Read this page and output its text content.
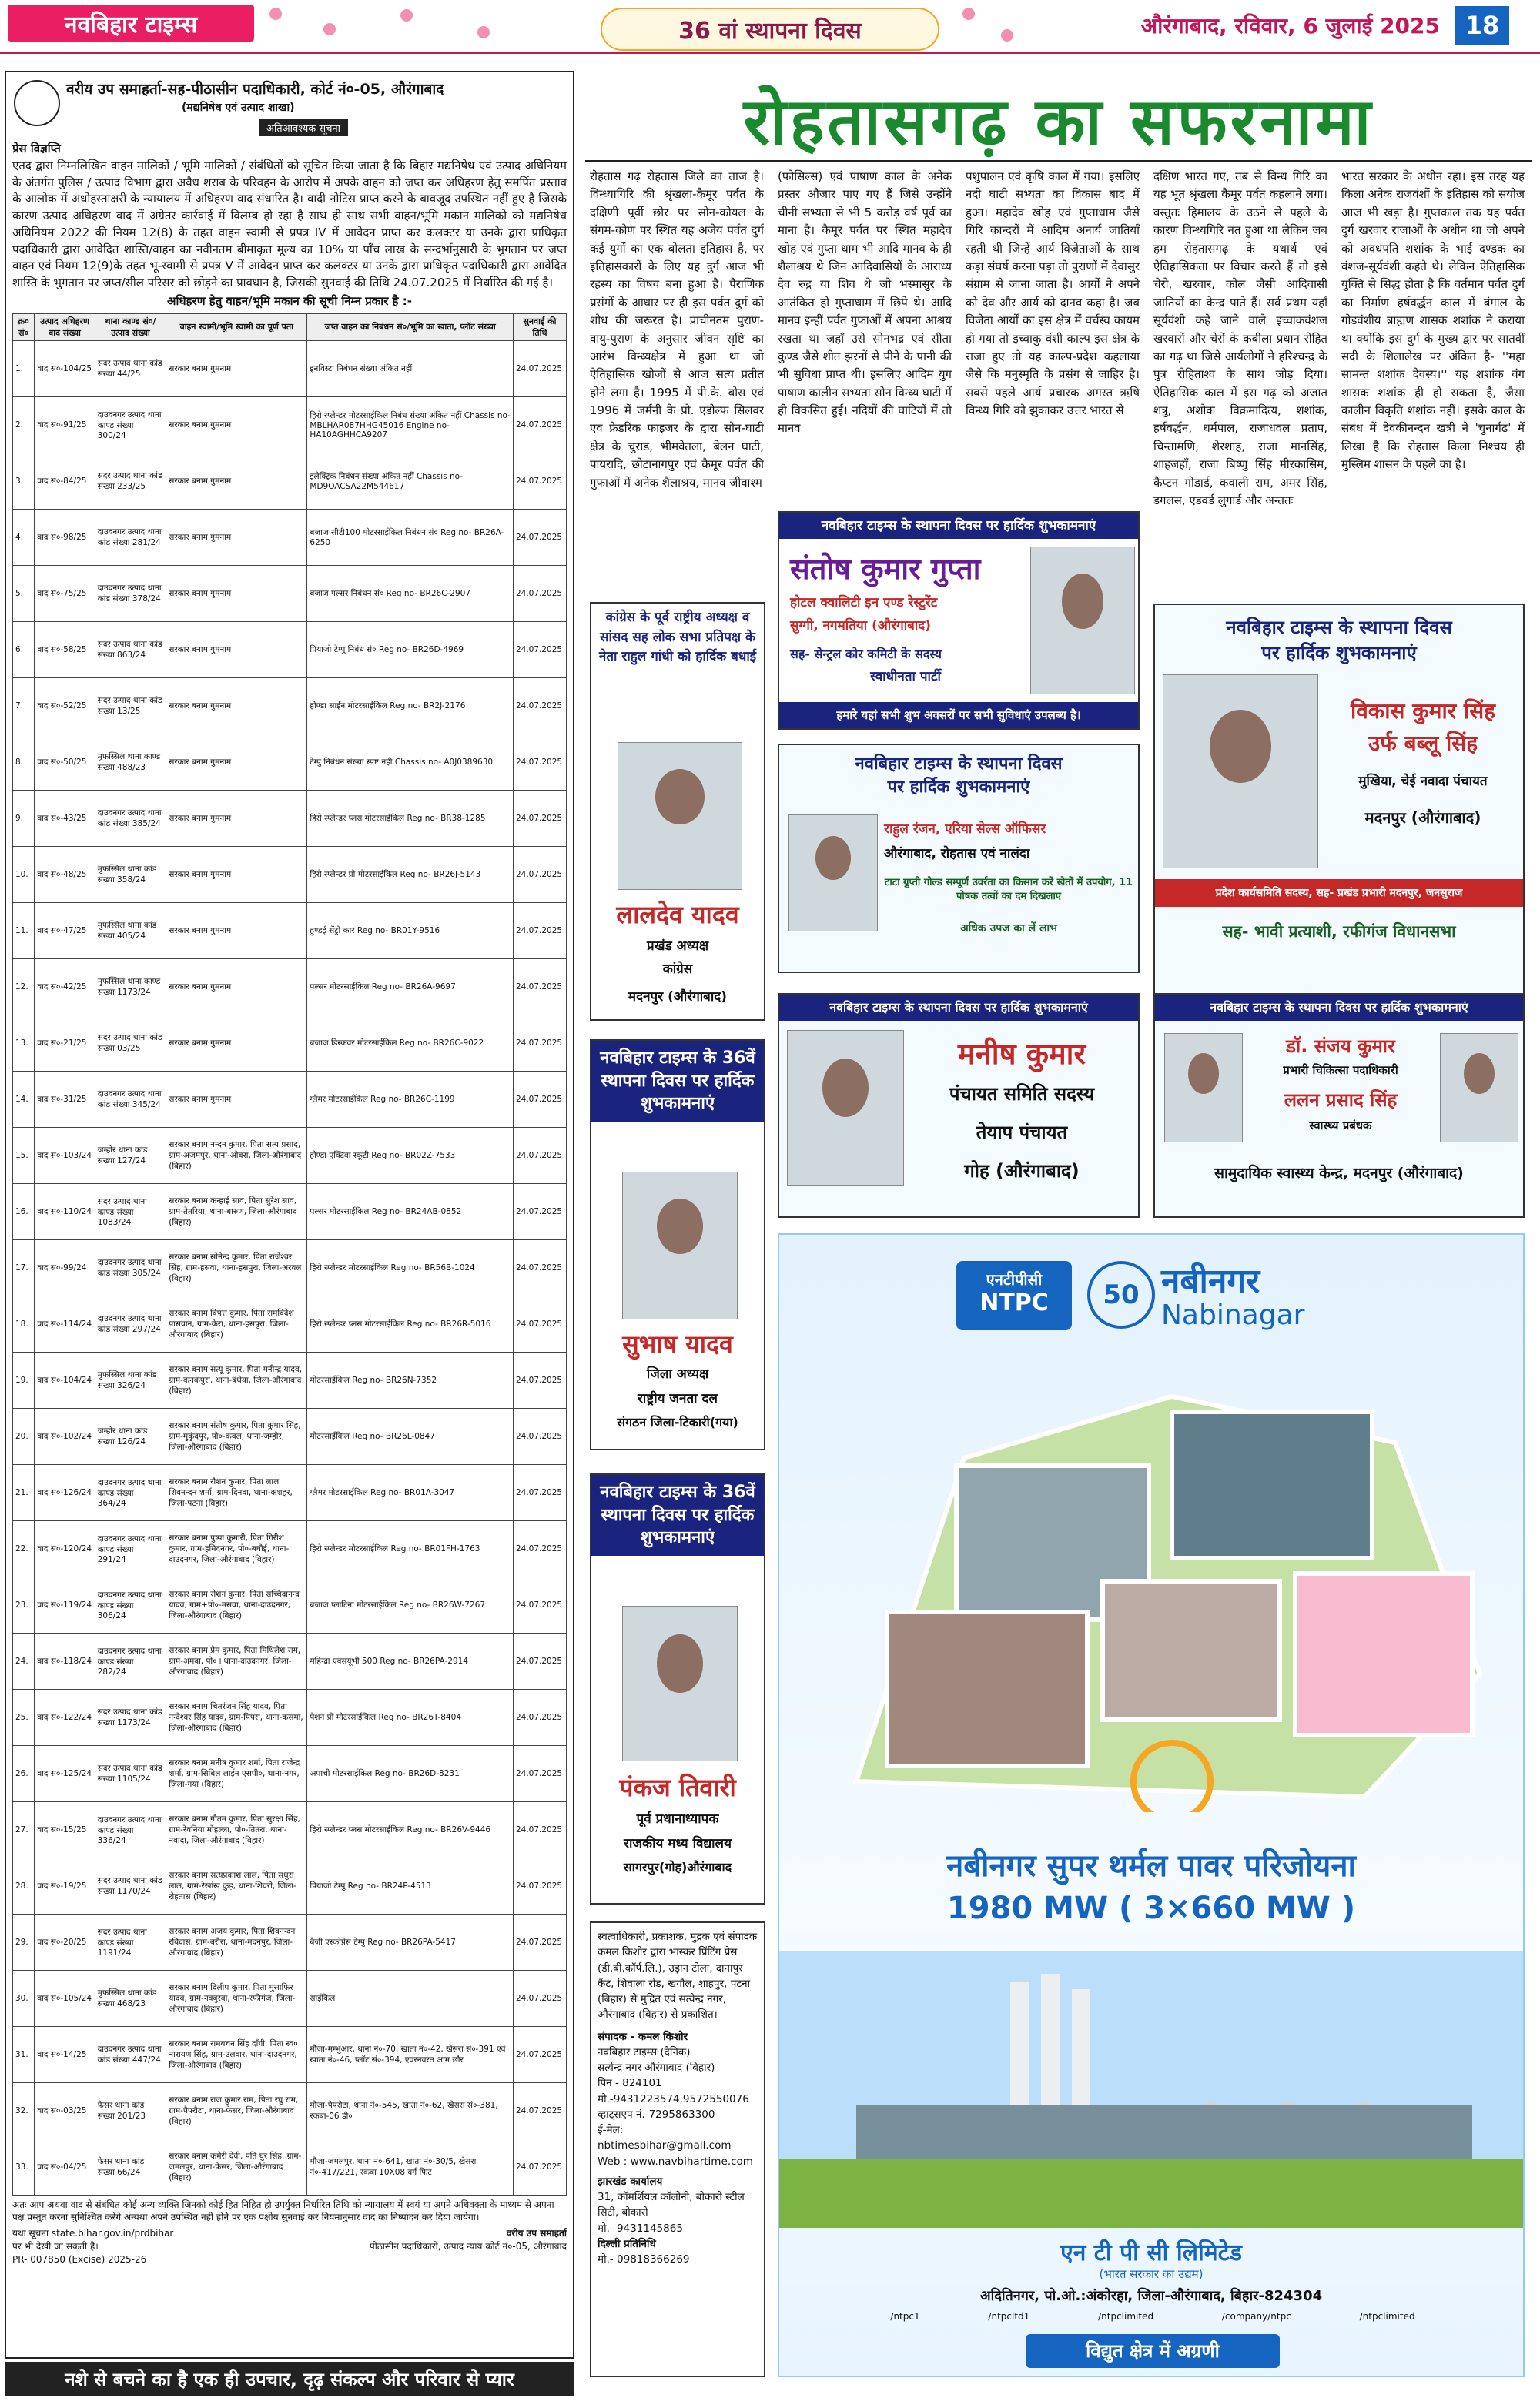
नवबिहार टाइम्स	36 वां स्थापना दिवस	औरंगाबाद, रविवार, 6 जुलाई 2025	18
वरीय उप समाहर्ता-सह-पीठासीन पदाधिकारी, कोर्ट नं०-05, औरंगाबाद
(मद्यनिषेध एवं उत्पाद शाखा)
अतिआवश्यक सूचना
प्रेस विज्ञप्ति
एतद द्वारा निम्नलिखित वाहन मालिकों / भूमि मालिकों / संबंधितों को सूचित किया जाता है कि बिहार मद्यनिषेध एवं उत्पाद अधिनियम के अंतर्गत पुलिस / उत्पाद विभाग द्वारा अवैध शराब के परिवहन के आरोप में अपके वाहन को जप्त कर अधिहरण हेतु समर्पित प्रस्ताव के आलोक में अधोहस्ताक्षरी के न्यायालय में अधिहरण वाद संधारित है। वादी नोटिस प्राप्त करने के बावजूद उपस्थित नहीं हुए है जिसके कारण उत्पाद अधिहरण वाद में अग्रेतर कार्रवाई में विलम्ब हो रहा है साथ ही साथ सभी वाहन/भूमि मकान मालिको को मद्यनिषेध अधिनियम 2022 की नियम 12(8) के तहत वाहन स्वामी से प्रपत्र IV में आवेदन प्राप्त कर कलक्टर या उनके द्वारा प्राधिकृत पदाधिकारी द्वारा आवेदित शास्ति/वाहन का नवीनतम बीमाकृत मूल्य का 10% या पाँच लाख के सन्दर्भानुसारी के भुगतान पर जप्त वाहन एवं नियम 12(9)के तहत भू-स्वामी से प्रपत्र V में आवेदन प्राप्त कर कलक्टर या उनके द्वारा प्राधिकृत पदाधिकारी द्वारा आवेदित शास्ति के भुगतान पर जप्त/सील परिसर को छोड़ने का प्रावधान है, जिसकी सुनवाई की तिथि 24.07.2025 में निर्धारित की गई है।
अधिहरण हेतु वाहन/भूमि मकान की सूची निम्न प्रकार है :-
क्र० सं०	उत्पाद अधिहरण वाद संख्या	थाना काण्ड सं०/उत्पाद संख्या	वाहन स्वामी/भूमि स्वामी का पूर्ण पता	जप्त वाहन का निबंधन सं०/भूमि का खाता, प्लॉट संख्या	सुनवाई की तिथि
1.	वाद सं०-104/25	सदर उत्पाद थाना कांड संख्या 44/25	सरकार बनाम गुमनाम	इनविस्टा निबंधन संख्या अंकित नहीं	24.07.2025
2.	वाद सं०-91/25	दाउदनगर उत्पाद थाना काण्ड संख्या 300/24	सरकार बनाम गुमनाम	हिरो स्प्लेन्डर मोटरसाईकिल निबंध संख्या अंकित नहीं Chassis no- MBLHAR087HHG45016 Engine no- HA10AGHHCA9207	24.07.2025
3.	वाद सं०-84/25	सदर उत्पाद थाना कांड संख्या 233/25	सरकार बनाम गुमनाम	इलेक्ट्रिक निबंधन संख्या अंकित नहीं Chassis no- MD9OACSA22M544617	24.07.2025
4.	वाद सं०-98/25	दाउदनगर उत्पाद थाना कांड संख्या 281/24	सरकार बनाम गुमनाम	बजाज सीटी100 मोटरसाईकिल निबंधन सं० Reg no- BR26A-6250	24.07.2025
5.	वाद सं०-75/25	दाउदनगर उत्पाद थाना कांड संख्या 378/24	सरकार बनाम गुमनाम	बजाज पल्सर निबंधन सं० Reg no- BR26C-2907	24.07.2025
6.	वाद सं०-58/25	सदर उत्पाद थाना कांड संख्या 863/24	सरकार बनाम गुमनाम	पियाजो टेम्पु निबंध सं० Reg no- BR26D-4969	24.07.2025
7.	वाद सं०-52/25	सदर उत्पाद थाना कांड संख्या 13/25	सरकार बनाम गुमनाम	होण्डा साईन मोटरसाईकिल Reg no- BR2J-2176	24.07.2025
8.	वाद सं०-50/25	मुफस्सिल थाना काण्ड संख्या 488/23	सरकार बनाम गुमनाम	टेम्पु निबंधन संख्या स्पष्ट नहीं Chassis no- A0J0389630	24.07.2025
9.	वाद सं०-43/25	दाउदनगर उत्पाद थाना कांड संख्या 385/24	सरकार बनाम गुमनाम	हिरो स्प्लेन्डर प्लस मोटरसाईकिल Reg no- BR38-1285	24.07.2025
10.	वाद सं०-48/25	मुफस्सिल थाना कांड संख्या 358/24	सरकार बनाम गुमनाम	हिरो स्प्लेन्डर प्रो मोटरसाईकिल Reg no- BR26J-5143	24.07.2025
11.	वाद सं०-47/25	मुफस्सिल थाना कांड संख्या 405/24	सरकार बनाम गुमनाम	हुण्डई सेंट्रो कार Reg no- BR01Y-9516	24.07.2025
12.	वाद सं०-42/25	मुफस्सिल थाना काण्ड संख्या 1173/24	सरकार बनाम गुमनाम	पल्सर मोटरसाईकिल Reg no- BR26A-9697	24.07.2025
13.	वाद सं०-21/25	सदर उत्पाद थाना कांड संख्या 03/25	सरकार बनाम गुमनाम	बजाज डिस्कवर मोटरसाईकिल Reg no- BR26C-9022	24.07.2025
14.	वाद सं०-31/25	दाउदनगर उत्पाद थाना कांड संख्या 345/24	सरकार बनाम गुमनाम	ग्लैमर मोटरसाईकिल Reg no- BR26C-1199	24.07.2025
15.	वाद सं०-103/24	जम्होर थाना कांड संख्या 127/24	सरकार बनाम नन्दन कुमार, पिता सत्य प्रसाद, ग्राम-अजमपुर, थाना-ओबरा, जिला-औरंगाबाद (बिहार)	होण्डा एक्टिवा स्कूटी Reg no- BR02Z-7533	24.07.2025
16.	वाद सं०-110/24	सदर उत्पाद थाना काण्ड संख्या 1083/24	सरकार बनाम कन्हाई साव, पिता सुरेश साव, ग्राम-तेतरिया, थाना-बारुण, जिला-औरंगाबाद (बिहार)	पल्सर मोटरसाईकिल Reg no- BR24AB-0852	24.07.2025
17.	वाद सं०-99/24	दाउदनगर उत्पाद थाना कांड संख्या 305/24	सरकार बनाम सोनेन्द्र कुमार, पिता राजेश्वर सिंह, ग्राम-हसवा, थाना-हसपुरा, जिला-अरवल (बिहार)	हिरो स्प्लेन्डर मोटरसाईकिल Reg no- BR56B-1024	24.07.2025
18.	वाद सं०-114/24	दाउदनगर उत्पाद थाना कांड संख्या 297/24	सरकार बनाम विपत्त कुमार, पिता रामविदेश पासवान, ग्राम-केरा, थाना-हसपुरा, जिला-औरंगाबाद (बिहार)	हिरो स्प्लेन्डर प्लस मोटरसाईकिल Reg no- BR26R-5016	24.07.2025
19.	वाद सं०-104/24	मुफस्सिल थाना कांड संख्या 326/24	सरकार बनाम सत्यू कुमार, पिता मनीन्द्र यादव, ग्राम-कनकपुरा, थाना-बंधेया, जिला-औरंगाबाद (बिहार)	मोटरसाईकिल Reg no- BR26N-7352	24.07.2025
20.	वाद सं०-102/24	जम्होर थाना कांड संख्या 126/24	सरकार बनाम संतोष कुमार, पिता कुमार सिंह, ग्राम-मुकुंदपुर, पो०-कवल, थाना-जम्होर, जिला-औरंगाबाद (बिहार)	मोटरसाईकिल Reg no- BR26L-0847	24.07.2025
21.	वाद सं०-126/24	दाउदनगर उत्पाद थाना काण्ड संख्या 364/24	सरकार बनाम रौशन कुमार, पिता लाल शिवनन्दन शर्मा, ग्राम-दिनवा, थाना-कशहर, जिला-पटना (बिहार)	ग्लैमर मोटरसाईकिल Reg no- BR01A-3047	24.07.2025
22.	वाद सं०-120/24	दाउदनगर उत्पाद थाना काण्ड संख्या 291/24	सरकार बनाम पुष्पा कुमारी, पिता गिरीश कुमार, ग्राम-हमिदनगर, पो०-बघौई, थाना-दाउदनगर, जिला-औरंगाबाद (बिहार)	हिरो स्प्लेन्डर मोटरसाईकिल Reg no- BR01FH-1763	24.07.2025
23.	वाद सं०-119/24	दाउदनगर उत्पाद थाना काण्ड संख्या 306/24	सरकार बनाम रोशन कुमार, पिता सच्चिदानन्द यादव, ग्राम+पो०-मसवा, थाना-दाउदनगर, जिला-औरंगाबाद (बिहार)	बजाज प्लाटिना मोटरसाईकिल Reg no- BR26W-7267	24.07.2025
24.	वाद सं०-118/24	दाउदनगर उत्पाद थाना काण्ड संख्या 282/24	सरकार बनाम प्रेम कुमार, पिता मिथिलेश राम, ग्राम-अमवा, पो०+थाना-दाउदनगर, जिला-औरंगाबाद (बिहार)	महिन्द्रा एक्सयूभी 500 Reg no- BR26PA-2914	24.07.2025
25.	वाद सं०-122/24	सदर उत्पाद थाना कांड संख्या 1173/24	सरकार बनाम चितरंजन सिंह यादव, पिता नन्देश्वर सिंह यादव, ग्राम-पिपरा, थाना-कसमा, जिला-औरंगाबाद (बिहार)	पैशन प्रो मोटरसाईकिल Reg no- BR26T-8404	24.07.2025
26.	वाद सं०-125/24	सदर उत्पाद थाना कांड संख्या 1105/24	सरकार बनाम मनीष कुमार शर्मा, पिता राजेन्द्र शर्मा, ग्राम-सिबिल लाईन एसपी०, थाना-नगर, जिला-गया (बिहार)	अपाची मोटरसाईकिल Reg no- BR26D-8231	24.07.2025
27.	वाद सं०-15/25	दाउदनगर उत्पाद थाना काण्ड संख्या 336/24	सरकार बनाम गौतम कुमार, पिता सुरक्षा सिंह, ग्राम-रेवनिया मोहल्ला, पो०-तितरा, थाना-नवादा, जिला-औरंगाबाद (बिहार)	हिरो स्प्लेन्डर प्लस मोटरसाईकिल Reg no- BR26V-9446	24.07.2025
28.	वाद सं०-19/25	सदर उत्पाद थाना कांड संख्या 1170/24	सरकार बनाम सत्यप्रकाश लाल, पिता सधुरा लाल, ग्राम-रेखांख कुड़, थाना-शिवरी, जिला-रोहतास (बिहार)	पियाजो टेम्पु Reg no- BR24P-4513	24.07.2025
29.	वाद सं०-20/25	सदर उत्पाद थाना काण्ड संख्या 1191/24	सरकार बनाम अजय कुमार, पिता शिवनन्दन रविदास, ग्राम-बरौरा, थाना-मदनपुर, जिला-औरंगाबाद (बिहार)	बैजी एस्कोप्रेस टेम्पु Reg no- BR26PA-5417	24.07.2025
30.	वाद सं०-105/24	मुफस्सिल थाना कांड संख्या 468/23	सरकार बनाम दिलीप कुमार, पिता मुसाफिर यादव, ग्राम-नवबुरवा, थाना-रफीगंज, जिला-औरंगाबाद (बिहार)	साईकिल	24.07.2025
31.	वाद सं०-14/25	दाउदनगर उत्पाद थाना कांड संख्या 447/24	सरकार बनाम रामबचन सिंह दाँगी, पिता स्व० नारायण सिंह, ग्राम-उलवार, थाना-दाउदनगर, जिला-औरंगाबाद (बिहार)	मौजा-मम्भुआर, थाना नं०-70, खाता नं०-42, खेसरा सं०-391 एवं खाता नं०-46, प्लॉट सं०-394, एवरनवरत आम छौर	24.07.2025
32.	वाद सं०-03/25	फेसर थाना कांड संख्या 201/23	सरकार बनाम राज कुमार राम, पिता रघु राम, ग्राम-पैपरौटा, थाना-फेसर, जिला-औरंगाबाद (बिहार)	मौजा-पैपरौटा, थाना नं०-545, खाता नं०-62, खेसरा सं०-381, रकबा-06 डी०	24.07.2025
33.	वाद सं०-04/25	फेसर थाना कांड संख्या 66/24	सरकार बनाम कमेरी देवी, पति घुर सिंह, ग्राम-जमलपुर, थाना-फेसर, जिला-औरंगाबाद (बिहार)	मौजा-जमलपुर, थाना नं०-641, खाता नं०-30/5, खेसरा नं०-417/221, रकबा 10X08 वर्ग फिट	24.07.2025
अतः आप अथवा वाद से संबंधित कोई अन्य व्यक्ति जिनको कोई हित निहित हो उपर्युक्त निर्धारित तिथि को न्यायालय में स्वयं या अपने अधिवक्ता के माध्यम से अपना पक्ष प्रस्तुत करना सुनिश्चित करेंगे अन्यथा अपने उपस्थित नहीं होने पर एक पक्षीय सुनवाई कर नियमानुसार वाद का निष्पादन कर दिया जायेगा।
यथा सूचना state.bihar.gov.in/prdbihar
पर भी देखी जा सकती है।
PR- 007850 (Excise) 2025-26
वरीय उप समाहर्ता
पीठासीन पदाधिकारी, उत्पाद न्याय कोर्ट नं०-05, औरंगाबाद
नशे से बचने का है एक ही उपचार, दृढ़ संकल्प और परिवार से प्यार
रोहतासगढ़ का सफरनामा
रोहतास गढ़ रोहतास जिले का ताज है। विन्ध्यागिरि की श्रृंखला-कैमूर पर्वत के दक्षिणी पूर्वी छोर पर सोन-कोयल के संगम-कोण पर स्थित यह अजेय पर्वत दुर्ग कई युगों का एक बोलता इतिहास है, पर इतिहासकारों के लिए यह दुर्ग आज भी रहस्य का विषय बना हुआ है। पैराणिक प्रसंगों के आधार पर ही इस पर्वत दुर्ग को शोध की जरूरत है। प्राचीनतम पुराण-वायु-पुराण के अनुसार जीवन सृष्टि का आरंभ विन्ध्यक्षेत्र में हुआ था जो ऐतिहासिक खोजों से आज सत्य प्रतीत होने लगा है। 1995 में पी.के. बोस एवं 1996 में जर्मनी के प्रो. एडोल्फ सिलवर एवं फ्रेडरिक फाइजर के द्वारा सोन-घाटी क्षेत्र के चुराड, भीमवेतला, बेलन घाटी, पायरादि, छोटानागपुर एवं कैमूर पर्वत की गुफाओं में अनेक शैलाश्रय, मानव जीवाश्म
(फोसिल्स) एवं पाषाण काल के अनेक प्रस्तर औजार पाए गए हैं जिसे उन्होंने चीनी सभ्यता से भी 5 करोड़ वर्ष पूर्व का माना है। कैमूर पर्वत पर स्थित महादेव खोह एवं गुप्ता धाम भी आदि मानव के ही शैलाश्रय थे जिन आदिवासियों के आराध्य देव रुद्र या शिव थे जो भस्मासुर के आतंकित हो गुप्ताधाम में छिपे थे। आदि मानव इन्हीं पर्वत गुफाओं में अपना आश्रय रखता था जहाँ उसे सोनभद्र एवं सीता कुण्ड जैसे शीत झरनों से पीने के पानी की भी सुविधा प्राप्त थी। इसलिए आदिम युग पाषाण कालीन सभ्यता सोन विन्ध्य घाटी में ही विकसित हुई। नदियों की घाटियों में तो मानव
पशुपालन एवं कृषि काल में गया। इसलिए नदी घाटी सभ्यता का विकास बाद में हुआ। महादेव खोह एवं गुप्ताधाम जैसे गिरि कान्दरों में आदिम अनार्य जातियाँ रहती थी जिन्हें आर्य विजेताओं के साथ कड़ा संघर्ष करना पड़ा तो पुराणों में देवासुर संग्राम से जाना जाता है। आर्यों ने अपने को देव और आर्य को दानव कहा है। जब विजेता आर्यों का इस क्षेत्र में वर्चस्व कायम हो गया तो इच्वाकु वंशी काल्प इस क्षेत्र के राजा हुए तो यह काल्प-प्रदेश कहलाया जैसे कि मनुस्मृति के प्रसंग से जाहिर है। सबसे पहले आर्य प्रचारक अगस्त ऋषि विन्ध्य गिरि को झुकाकर उत्तर भारत से
दक्षिण भारत गए, तब से विन्ध गिरि का यह भूत श्रृंखला कैमूर पर्वत कहलाने लगा। वस्तुतः हिमालय के उठने से पहले के कारण विन्ध्यगिरि नत हुआ था लेकिन जब हम रोहतासगढ़ के यथार्थ एवं ऐतिहासिकता पर विचार करते हैं तो इसे चेरो, खरवार, कोल जैसी आदिवासी जातियों का केन्द्र पाते हैं। सर्व प्रथम यहाँ सूर्यवंशी कहे जाने वाले इच्वाकवंशज खरवारों और चेरों के कबीला प्रधान रोहित का गढ़ था जिसे आर्यलोगों ने हरिश्चन्द्र के पुत्र रोहिताश्व के साथ जोड़ दिया। ऐतिहासिक काल में इस गढ़ को अजात शत्रु, अशोक विक्रमादित्य, शशांक, हर्षवर्द्धन, धर्मपाल, राजाधवल प्रताप, चिन्तामणि, शेरशाह, राजा मानसिंह, शाहजहाँ, राजा बिष्णु सिंह मीरकासिम, कैप्टन गोडार्ड, कवाली राम, अमर सिंह, डगलस, एडवर्ड लुगार्ड और अन्ततः
भारत सरकार के अधीन रहा। इस तरह यह किला अनेक राजवंशों के इतिहास को संयोज आज भी खड़ा है। गुप्तकाल तक यह पर्वत दुर्ग खरवार राजाओं के अधीन था जो अपने को अवधपति शशांक के भाई दण्डक का वंशज-सूर्यवंशी कहते थे। लेकिन ऐतिहासिक युक्ति से सिद्ध होता है कि वर्तमान पर्वत दुर्ग का निर्माण हर्षवर्द्धन काल में बंगाल के गोडवंशीय ब्राह्मण शासक शशांक ने कराया था क्योंकि इस दुर्ग के मुख्य द्वार पर सातवीं सदी के शिलालेख पर अंकित है- ''महा सामन्त शशांक देवस्य।'' यह शशांक वंग शासक शशांक ही हो सकता है, जैसा कालीन विकृति शशांक नहीं। इसके काल के संबंध में देवकीनन्दन खत्री ने 'चुनार्गढ' में लिखा है कि रोहतास किला निश्चय ही मुस्लिम शासन के पहले का है।
नवबिहार टाइम्स के स्थापना दिवस पर हार्दिक शुभकामनाएं
संतोष कुमार गुप्ता
होटल क्वालिटी इन एण्ड रेस्टुरेंट
सुग्गी, नगमतिया (औरंगाबाद)
सह- सेन्ट्रल कोर कमिटी के सदस्य
स्वाधीनता पार्टी
हमारे यहां सभी शुभ अवसरों पर सभी सुविधाएं उपलब्ध है।
कांग्रेस के पूर्व राष्ट्रीय अध्यक्ष व सांसद सह लोक सभा प्रतिपक्ष के नेता राहुल गांधी को हार्दिक बधाई
लालदेव यादव
प्रखंड अध्यक्ष
कांग्रेस
मदनपुर (औरंगाबाद)
नवबिहार टाइम्स के स्थापना दिवस
पर हार्दिक शुभकामनाएं
राहुल रंजन, एरिया सेल्स ऑफिसर
औरंगाबाद, रोहतास एवं नालंदा
टाटा ग्रुप्ती गोल्ड सम्पूर्ण उवर्रता का किसान करें खेतों में उपयोग, 11 पोषक तत्वों का दम दिखलाए
अधिक उपज का लें लाभ
नवबिहार टाइम्स के स्थापना दिवस
पर हार्दिक शुभकामनाएं
विकास कुमार सिंह
उर्फ बब्लू सिंह
मुखिया, चेई नवादा पंचायत
मदनपुर (औरंगाबाद)
प्रदेश कार्यसमिति सदस्य, सह- प्रखंड प्रभारी मदनपुर, जनसुराज
सह- भावी प्रत्याशी, रफीगंज विधानसभा
नवबिहार टाइम्स के 36वें स्थापना दिवस पर हार्दिक शुभकामनाएं
सुभाष यादव
जिला अध्यक्ष
राष्ट्रीय जनता दल
संगठन जिला-टिकारी(गया)
नवबिहार टाइम्स के स्थापना दिवस पर हार्दिक शुभकामनाएं
मनीष कुमार
पंचायत समिति सदस्य
तेयाप पंचायत
गोह (औरंगाबाद)
नवबिहार टाइम्स के स्थापना दिवस पर हार्दिक शुभकामनाएं
डॉ. संजय कुमार
प्रभारी चिकित्सा पदाधिकारी
ललन प्रसाद सिंह
स्वास्थ्य प्रबंधक
सामुदायिक स्वास्थ्य केन्द्र, मदनपुर (औरंगाबाद)
नवबिहार टाइम्स के 36वें स्थापना दिवस पर हार्दिक शुभकामनाएं
पंकज तिवारी
पूर्व प्रधानाध्यापक
राजकीय मध्य विद्यालय
सागरपुर(गोह)औरंगाबाद
स्वत्वाधिकारी, प्रकाशक, मुद्रक एवं संपादक कमल किशोर द्वारा भास्कर प्रिंटिंग प्रेस (डी.बी.कॉर्प.लि.), उड़ान टोला, दानापुर कैंट, शिवाला रोड, खगौल, शाहपुर, पटना (बिहार) से मुद्रित एवं सत्येन्द्र नगर, औरंगाबाद (बिहार) से प्रकाशित।
संपादक - कमल किशोर
नवबिहार टाइम्स (दैनिक)
सत्येन्द्र नगर औरंगाबाद (बिहार)
पिन - 824101
मो.-9431223574,9572550076
व्हाट्सएप नं.-7295863300
ई-मेल: nbtimesbihar@gmail.com
Web : www.navbihartime.com
झारखंड कार्यालय
31, कॉमर्शियल कॉलोनी, बोकारो स्टील सिटी, बोकारो
मो.- 9431145865
दिल्ली प्रतिनिधि
मो.- 09818366269
एनटीपीसी
NTPC	50 नबीनगर
Nabinagar
नबीनगर सुपर थर्मल पावर परिजोयना
1980 MW ( 3×660 MW )
एन टी पी सी लिमिटेड
(भारत सरकार का उद्यम)
अदितिनगर, पो.ओ.:अंकोरहा, जिला-औरंगाबाद, बिहार-824304
/ntpc1	/ntpcltd1	/ntpclimited	/company/ntpc	/ntpclimited
विद्युत क्षेत्र में अग्रणी
